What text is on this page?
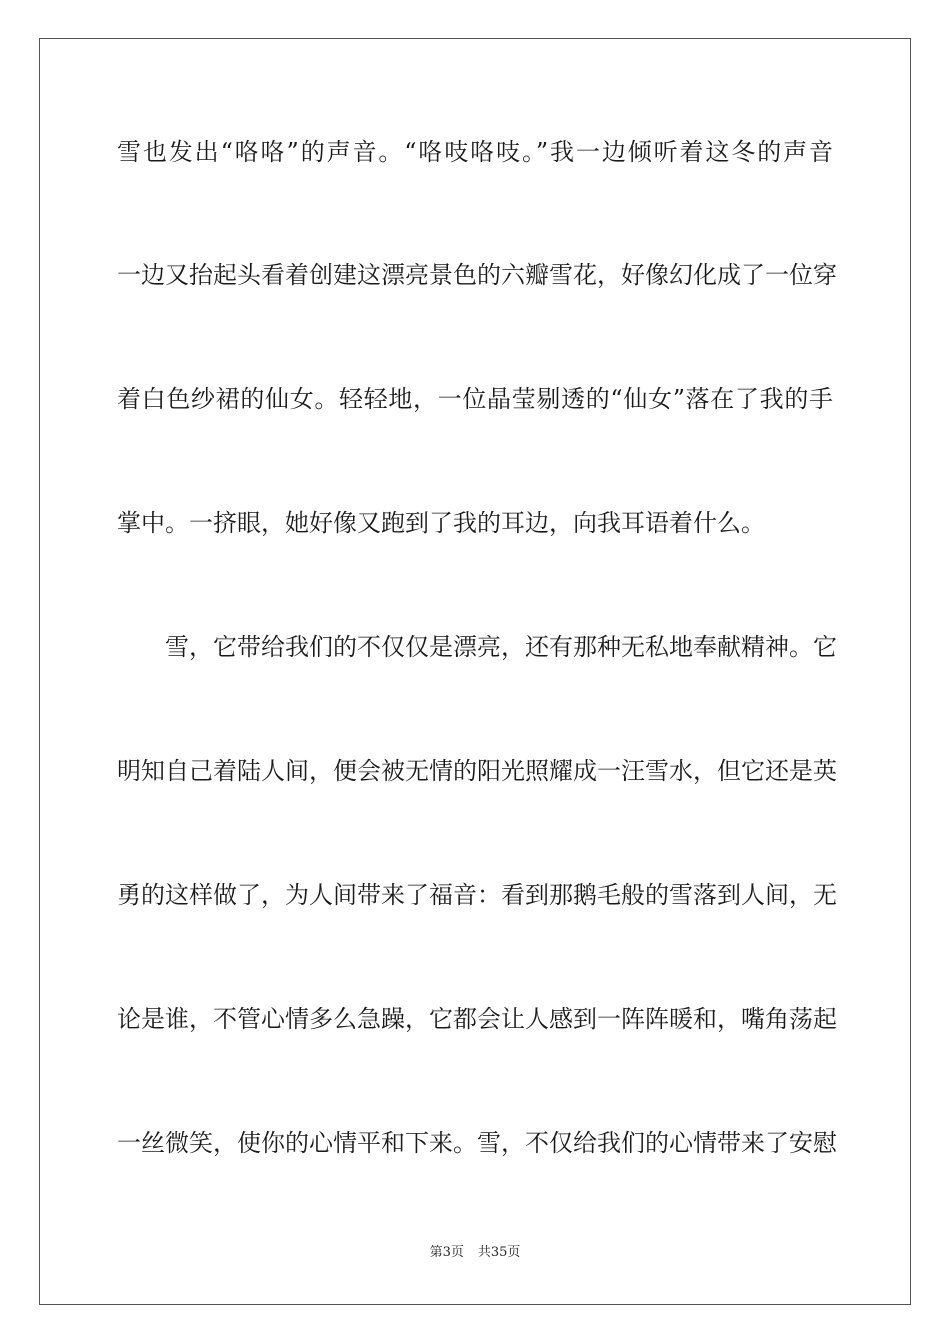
雪也发出“咯咯”的声音。“咯吱咯吱。”我一边倾听着这冬的声音
一边又抬起头看着创建这漂亮景色的六瓣雪花，好像幻化成了一位穿
着白色纱裙的仙女。轻轻地，一位晶莹剔透的“仙女”落在了我的手
掌中。一挤眼，她好像又跑到了我的耳边，向我耳语着什么。
雪，它带给我们的不仅仅是漂亮，还有那种无私地奉献精神。它
明知自己着陆人间，便会被无情的阳光照耀成一汪雪水，但它还是英
勇的这样做了，为人间带来了福音：看到那鹅毛般的雪落到人间，无
论是谁，不管心情多么急躁，它都会让人感到一阵阵暖和，嘴角荡起
一丝微笑，使你的心情平和下来。雪，不仅给我们的心情带来了安慰
第3页 共35页
